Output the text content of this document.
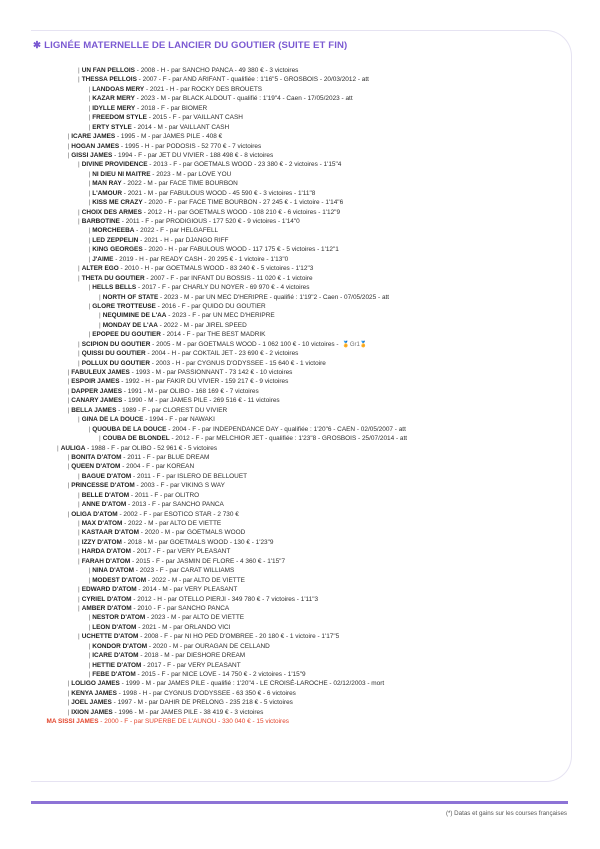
✱ LIGNÉE MATERNELLE DE LANCIER DU GOUTIER (SUITE ET FIN)
| UN FAN PELLOIS - 2008 - H - par SANCHO PANCA - 49 380 € - 3 victoires
| THESSA PELLOIS - 2007 - F - par AND ARIFANT - qualifiée : 1'16"5 - GROSBOIS - 20/03/2012 - att
| LANDOAS MERY - 2021 - H - par ROCKY DES BROUETS
| KAZAR MERY - 2023 - M - par BLACK ALDOUT - qualifié : 1'19"4 - Caen - 17/05/2023 - att
| IDYLLE MERY - 2018 - F - par BIOMER
| FREEDOM STYLE - 2015 - F - par VAILLANT CASH
| ERTY STYLE - 2014 - M - par VAILLANT CASH
| ICARE JAMES - 1995 - M - par JAMES PILE - 408 €
| HOGAN JAMES - 1995 - H - par PODOSIS - 52 770 € - 7 victoires
| GISSI JAMES - 1994 - F - par JET DU VIVIER - 188 498 € - 8 victoires
| DIVINE PROVIDENCE - 2013 - F - par GOETMALS WOOD - 23 380 € - 2 victoires - 1'15"4
| NI DIEU NI MAITRE - 2023 - M - par LOVE YOU
| MAN RAY - 2022 - M - par FACE TIME BOURBON
| L'AMOUR - 2021 - M - par FABULOUS WOOD - 45 590 € - 3 victoires - 1'11"8
| KISS ME CRAZY - 2020 - F - par FACE TIME BOURBON - 27 245 € - 1 victoire - 1'14"6
| CHOIX DES ARMES - 2012 - H - par GOETMALS WOOD - 108 210 € - 6 victoires - 1'12"9
| BARBOTINE - 2011 - F - par PRODIGIOUS - 177 520 € - 9 victoires - 1'14"0
| MORCHEEBA - 2022 - F - par HELGAFELL
| LED ZEPPELIN - 2021 - H - par DJANGO RIFF
| KING GEORGES - 2020 - H - par FABULOUS WOOD - 117 175 € - 5 victoires - 1'12"1
| J'AIME - 2019 - H - par READY CASH - 20 295 € - 1 victoire - 1'13"0
| ALTER EGO - 2010 - H - par GOETMALS WOOD - 83 240 € - 5 victoires - 1'12"3
| THETA DU GOUTIER - 2007 - F - par INFANT DU BOSSIS - 11 020 € - 1 victoire
| HELLS BELLS - 2017 - F - par CHARLY DU NOYER - 69 970 € - 4 victoires
| NORTH OF STATE - 2023 - M - par UN MEC D'HERIPRE - qualifié : 1'19"2 - Caen - 07/05/2025 - att
| GLORE TROTTEUSE - 2016 - F - par QUIDO DU GOUTIER
| NEQUIMINE DE L'AA - 2023 - F - par UN MEC D'HERIPRE
| MONDAY DE L'AA - 2022 - M - par JIREL SPEED
| EPOPEE DU GOUTIER - 2014 - F - par THE BEST MADRIK
| SCIPION DU GOUTIER - 2005 - M - par GOETMALS WOOD - 1 062 100 € - 10 victoires - 🏅Gr1🏅
| QUISSI DU GOUTIER - 2004 - H - par COKTAIL JET - 23 690 € - 2 victoires
| POLLUX DU GOUTIER - 2003 - H - par CYGNUS D'ODYSSEE - 15 640 € - 1 victoire
| FABULEUX JAMES - 1993 - M - par PASSIONNANT - 73 142 € - 10 victoires
| ESPOIR JAMES - 1992 - H - par FAKIR DU VIVIER - 159 217 € - 9 victoires
| DAPPER JAMES - 1991 - M - par OLIBO - 168 169 € - 7 victoires
| CANARY JAMES - 1990 - M - par JAMES PILE - 269 516 € - 11 victoires
| BELLA JAMES - 1989 - F - par CLOREST DU VIVIER
| GINA DE LA DOUCE - 1994 - F - par NAWAKI
| QUOUBA DE LA DOUCE - 2004 - F - par INDEPENDANCE DAY - qualifiée : 1'20"6 - CAEN - 02/05/2007 - att
| COUBA DE BLONDEL - 2012 - F - par MELCHIOR JET - qualifiée : 1'23"8 - GROSBOIS - 25/07/2014 - att
| AULIGA - 1988 - F - par OLIBO - 52 961 € - 5 victoires
| BONITA D'ATOM - 2011 - F - par BLUE DREAM
| QUEEN D'ATOM - 2004 - F - par KOREAN
| BAGUE D'ATOM - 2011 - F - par ISLERO DE BELLOUET
| PRINCESSE D'ATOM - 2003 - F - par VIKING S WAY
| BELLE D'ATOM - 2011 - F - par OLITRO
| ANNE D'ATOM - 2013 - F - par SANCHO PANCA
| OLIGA D'ATOM - 2002 - F - par ESOTICO STAR - 2 730 €
| MAX D'ATOM - 2022 - M - par ALTO DE VIETTE
| KASTAAR D'ATOM - 2020 - M - par GOETMALS WOOD
| IZZY D'ATOM - 2018 - M - par GOETMALS WOOD - 130 € - 1'23"9
| HARDA D'ATOM - 2017 - F - par VERY PLEASANT
| FARAH D'ATOM - 2015 - F - par JASMIN DE FLORE - 4 360 € - 1'15"7
| NINA D'ATOM - 2023 - F - par CARAT WILLIAMS
| MODEST D'ATOM - 2022 - M - par ALTO DE VIETTE
| EDWARD D'ATOM - 2014 - M - par VERY PLEASANT
| CYRIEL D'ATOM - 2012 - H - par OTELLO PIERJI - 349 780 € - 7 victoires - 1'11"3
| AMBER D'ATOM - 2010 - F - par SANCHO PANCA
| NESTOR D'ATOM - 2023 - M - par ALTO DE VIETTE
| LEON D'ATOM - 2021 - M - par ORLANDO VICI
| UCHETTE D'ATOM - 2008 - F - par NI HO PED D'OMBREE - 20 180 € - 1 victoire - 1'17"5
| KONDOR D'ATOM - 2020 - M - par OURAGAN DE CELLAND
| ICARE D'ATOM - 2018 - M - par DIESHORE DREAM
| HETTIE D'ATOM - 2017 - F - par VERY PLEASANT
| FEBE D'ATOM - 2015 - F - par NICE LOVE - 14 750 € - 2 victoires - 1'15"9
| LOLIGO JAMES - 1999 - M - par JAMES PILE - qualifié : 1'20"4 - LE CROISÉ-LAROCHE - 02/12/2003 - mort
| KENYA JAMES - 1998 - H - par CYGNUS D'ODYSSEE - 63 350 € - 6 victoires
| JOEL JAMES - 1997 - M - par DAHIR DE PRELONG - 235 218 € - 5 victoires
| IXION JAMES - 1996 - M - par JAMES PILE - 38 419 € - 3 victoires
MA SISSI JAMES - 2000 - F - par SUPERBE DE L'AUNOU - 330 040 € - 15 victoires
(*) Datas et gains sur les courses françaises
